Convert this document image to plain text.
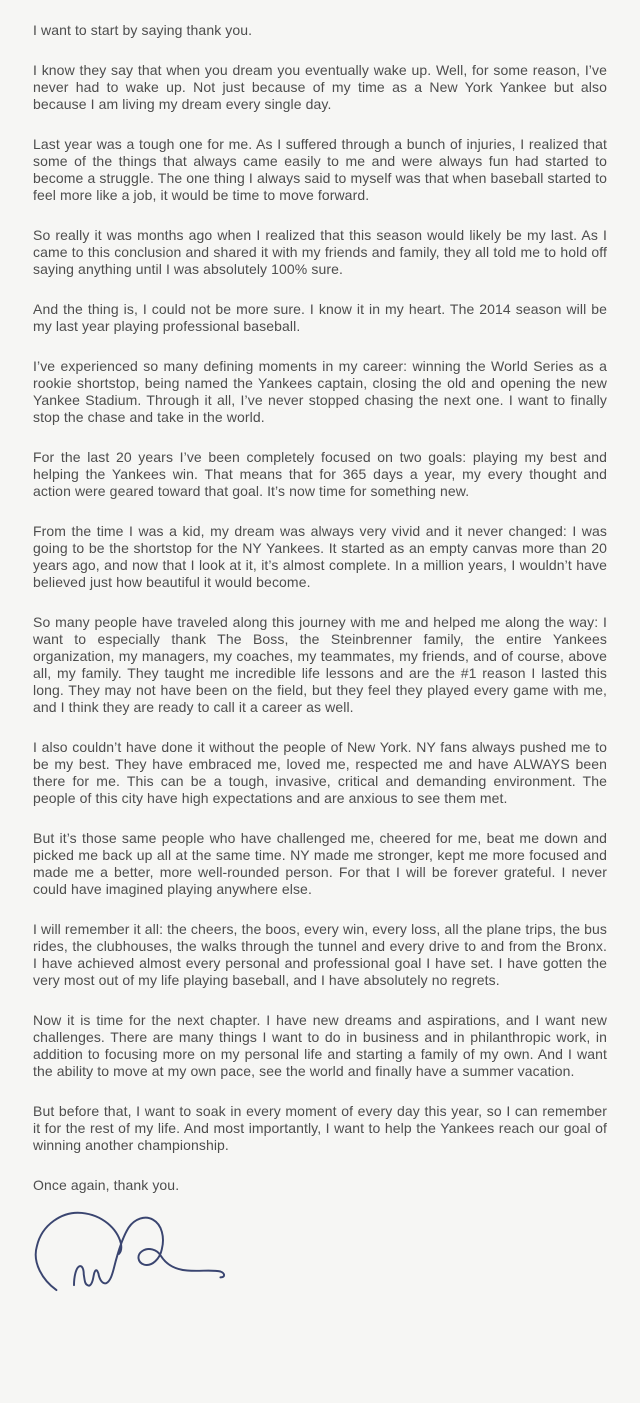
I want to start by saying thank you.

I know they say that when you dream you eventually wake up. Well, for some reason, I’ve never had to wake up. Not just because of my time as a New York Yankee but also because I am living my dream every single day.

Last year was a tough one for me. As I suffered through a bunch of injuries, I realized that some of the things that always came easily to me and were always fun had started to become a struggle. The one thing I always said to myself was that when baseball started to feel more like a job, it would be time to move forward.

So really it was months ago when I realized that this season would likely be my last. As I came to this conclusion and shared it with my friends and family, they all told me to hold off saying anything until I was absolutely 100% sure.

And the thing is, I could not be more sure. I know it in my heart. The 2014 season will be my last year playing professional baseball.

I’ve experienced so many defining moments in my career: winning the World Series as a rookie shortstop, being named the Yankees captain, closing the old and opening the new Yankee Stadium. Through it all, I’ve never stopped chasing the next one. I want to finally stop the chase and take in the world.

For the last 20 years I’ve been completely focused on two goals: playing my best and helping the Yankees win. That means that for 365 days a year, my every thought and action were geared toward that goal. It’s now time for something new.

From the time I was a kid, my dream was always very vivid and it never changed: I was going to be the shortstop for the NY Yankees. It started as an empty canvas more than 20 years ago, and now that I look at it, it’s almost complete. In a million years, I wouldn’t have believed just how beautiful it would become.

So many people have traveled along this journey with me and helped me along the way: I want to especially thank The Boss, the Steinbrenner family, the entire Yankees organization, my managers, my coaches, my teammates, my friends, and of course, above all, my family. They taught me incredible life lessons and are the #1 reason I lasted this long. They may not have been on the field, but they feel they played every game with me, and I think they are ready to call it a career as well.

I also couldn’t have done it without the people of New York. NY fans always pushed me to be my best. They have embraced me, loved me, respected me and have ALWAYS been there for me. This can be a tough, invasive, critical and demanding environment. The people of this city have high expectations and are anxious to see them met.

But it’s those same people who have challenged me, cheered for me, beat me down and picked me back up all at the same time. NY made me stronger, kept me more focused and made me a better, more well-rounded person. For that I will be forever grateful. I never could have imagined playing anywhere else.

I will remember it all: the cheers, the boos, every win, every loss, all the plane trips, the bus rides, the clubhouses, the walks through the tunnel and every drive to and from the Bronx. I have achieved almost every personal and professional goal I have set. I have gotten the very most out of my life playing baseball, and I have absolutely no regrets.

Now it is time for the next chapter. I have new dreams and aspirations, and I want new challenges. There are many things I want to do in business and in philanthropic work, in addition to focusing more on my personal life and starting a family of my own. And I want the ability to move at my own pace, see the world and finally have a summer vacation.

But before that, I want to soak in every moment of every day this year, so I can remember it for the rest of my life. And most importantly, I want to help the Yankees reach our goal of winning another championship.

Once again, thank you.
